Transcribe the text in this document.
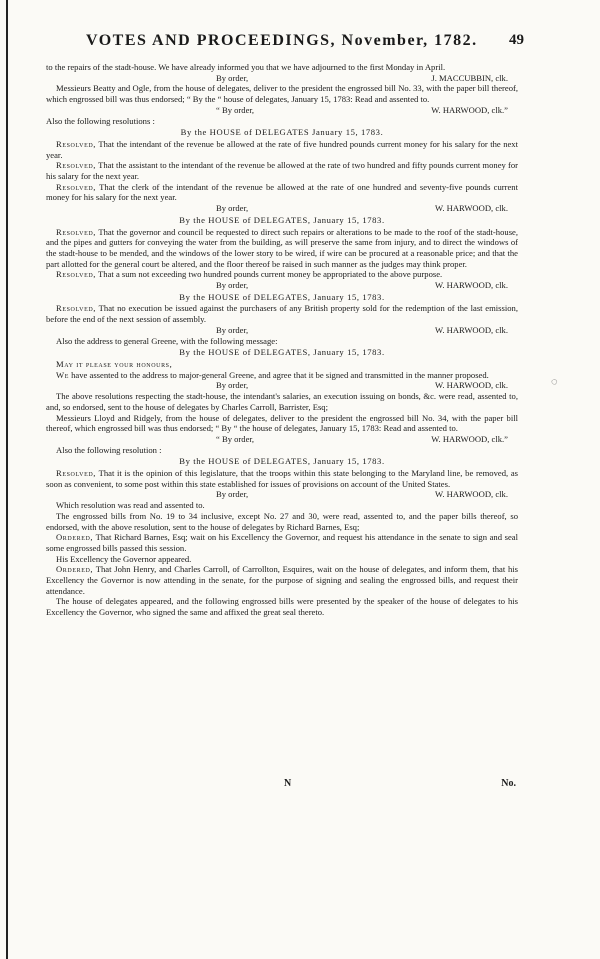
VOTES AND PROCEEDINGS, November, 1782. 49

to the repairs of the stadt-house. We have already informed you that we have adjourned to the first Monday in April.

By order,	J. MACCUBBIN, clk.

Messieurs Beatty and Ogle, from the house of delegates, deliver to the president the engrossed bill No. 33, with the paper bill thereof, which engrossed bill was thus endorsed; “ By the “ house of delegates, January 15, 1783: Read and assented to.

“ By order,	W. HARWOOD, clk.”

Also the following resolutions :

By the HOUSE of DELEGATES January 15, 1783.

Resolved, That the intendant of the revenue be allowed at the rate of five hundred pounds current money for his salary for the next year.

Resolved, That the assistant to the intendant of the revenue be allowed at the rate of two hundred and fifty pounds current money for his salary for the next year.

Resolved, That the clerk of the intendant of the revenue be allowed at the rate of one hundred and seventy-five pounds current money for his salary for the next year.

By order,	W. HARWOOD, clk.
By the HOUSE of DELEGATES, January 15, 1783.

Resolved, That the governor and council be requested to direct such repairs or alterations to be made to the roof of the stadt-house, and the pipes and gutters for conveying the water from the building, as will preserve the same from injury, and to direct the windows of the stadt-house to be mended, and the windows of the lower story to be wired, if wire can be procured at a reasonable price; and that the part allotted for the general court be altered, and the floor thereof be raised in such manner as the judges may think proper.

Resolved, That a sum not exceeding two hundred pounds current money be appropriated to the above purpose.

By order,	W. HARWOOD, clk.
By the HOUSE of DELEGATES, January 15, 1783.

Resolved, That no execution be issued against the purchasers of any British property sold for the redemption of the last emission, before the end of the next session of assembly.

By order,	W. HARWOOD, clk.

Also the address to general Greene, with the following message:

By the HOUSE of DELEGATES, January 15, 1783.

May it please your honours,

We have assented to the address to major-general Greene, and agree that it be signed and transmitted in the manner proposed.

By order,	W. HARWOOD, clk.

The above resolutions respecting the stadt-house, the intendant's salaries, an execution issuing on bonds, &c. were read, assented to, and, so endorsed, sent to the house of delegates by Charles Carroll, Barrister, Esq;

Messieurs Lloyd and Ridgely, from the house of delegates, deliver to the president the engrossed bill No. 34, with the paper bill thereof, which engrossed bill was thus endorsed; “ By “ the house of delegates, January 15, 1783: Read and assented to.

“ By order,	W. HARWOOD, clk.”

Also the following resolution :

By the HOUSE of DELEGATES, January 15, 1783.

Resolved, That it is the opinion of this legislature, that the troops within this state belonging to the Maryland line, be removed, as soon as convenient, to some post within this state established for issues of provisions on account of the United States.

By order,	W. HARWOOD, clk.

Which resolution was read and assented to.

The engrossed bills from No. 19 to 34 inclusive, except No. 27 and 30, were read, assented to, and the paper bills thereof, so endorsed, with the above resolution, sent to the house of delegates by Richard Barnes, Esq;

Ordered, That Richard Barnes, Esq; wait on his Excellency the Governor, and request his attendance in the senate to sign and seal some engrossed bills passed this session.

His Excellency the Governor appeared.

Ordered, That John Henry, and Charles Carroll, of Carrollton, Esquires, wait on the house of delegates, and inform them, that his Excellency the Governor is now attending in the senate, for the purpose of signing and sealing the engrossed bills, and request their attendance.

The house of delegates appeared, and the following engrossed bills were presented by the speaker of the house of delegates to his Excellency the Governor, who signed the same and affixed the great seal thereto.

N	No.
◌
